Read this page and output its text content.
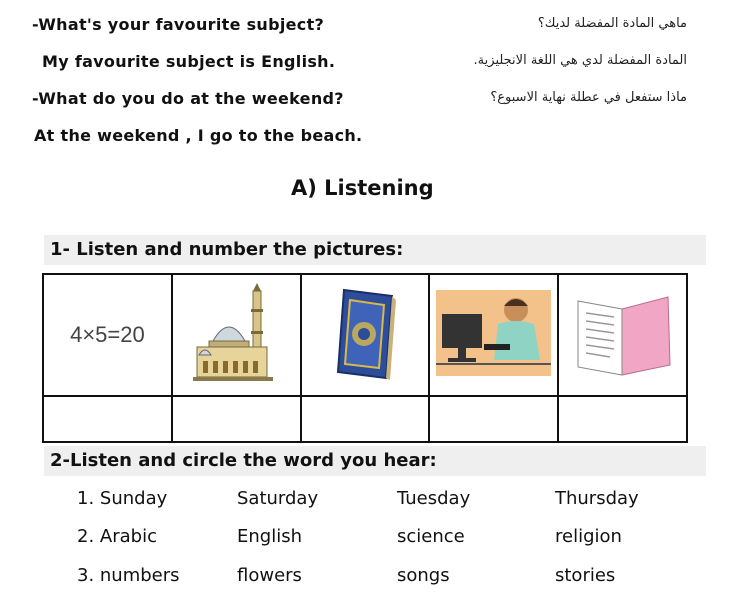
-What's your favourite subject?	ماهي المادة المفضلة لديك؟
My favourite subject is English.	المادة المفضلة لدي هي اللغة الانجليزية.
-What do you do at the weekend?	ماذا ستفعل في عطلة نهاية الاسبوع؟
At the weekend , I go to the beach.
A) Listening
1- Listen and number the pictures:
4×5=20				

2-Listen and circle the word you hear:
1. Sunday	Saturday	Tuesday	Thursday
2. Arabic	English	science	religion
3. numbers	flowers	songs	stories
